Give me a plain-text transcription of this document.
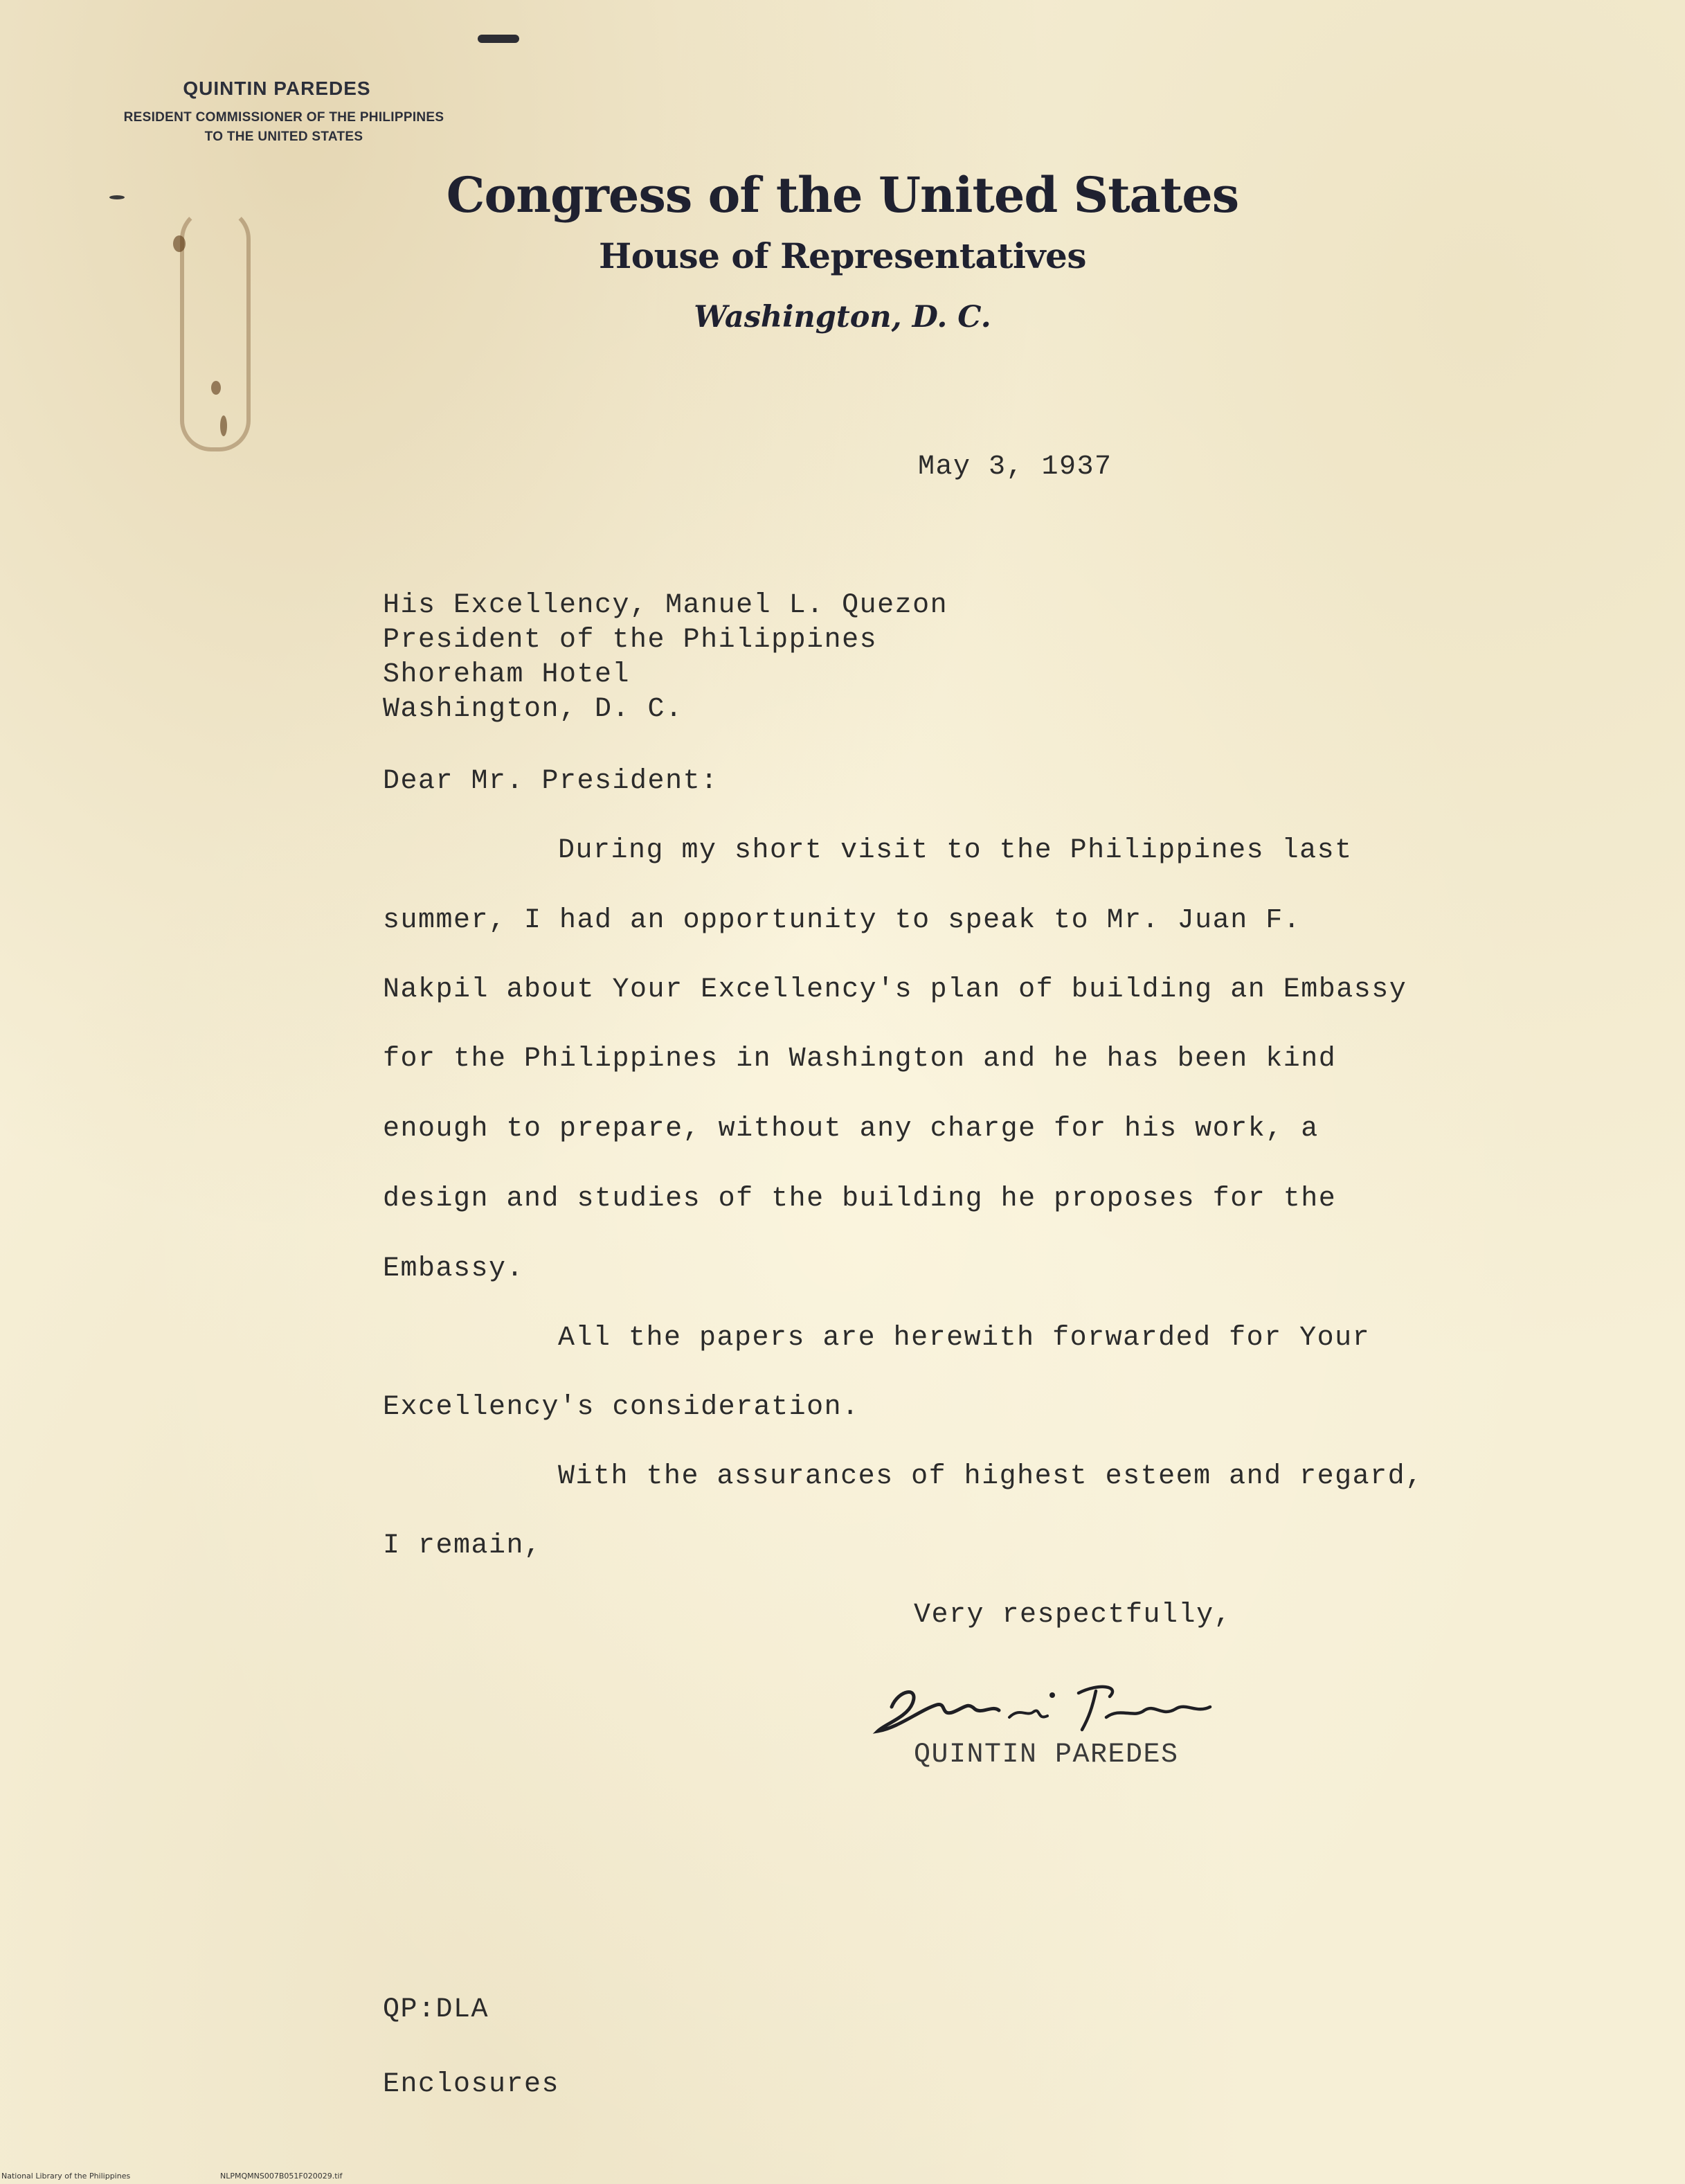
QUINTIN PAREDES
RESIDENT COMMISSIONER OF THE PHILIPPINES
TO THE UNITED STATES
Congress of the United States
House of Representatives
Washington, D. C.
May 3, 1937
His Excellency, Manuel L. Quezon
President of the Philippines
Shoreham Hotel
Washington, D. C.
Dear Mr. President:
During my short visit to the Philippines last
summer, I had an opportunity to speak to Mr. Juan F.
Nakpil about Your Excellency's plan of building an Embassy
for the Philippines in Washington and he has been kind
enough to prepare, without any charge for his work, a
design and studies of the building he proposes for the
Embassy.
All the papers are herewith forwarded for Your
Excellency's consideration.
With the assurances of highest esteem and regard,
I remain,
Very respectfully,
QUINTIN PAREDES
QP:DLA
Enclosures
National Library of the Philippines	NLPMQMNS007B051F020029.tif
